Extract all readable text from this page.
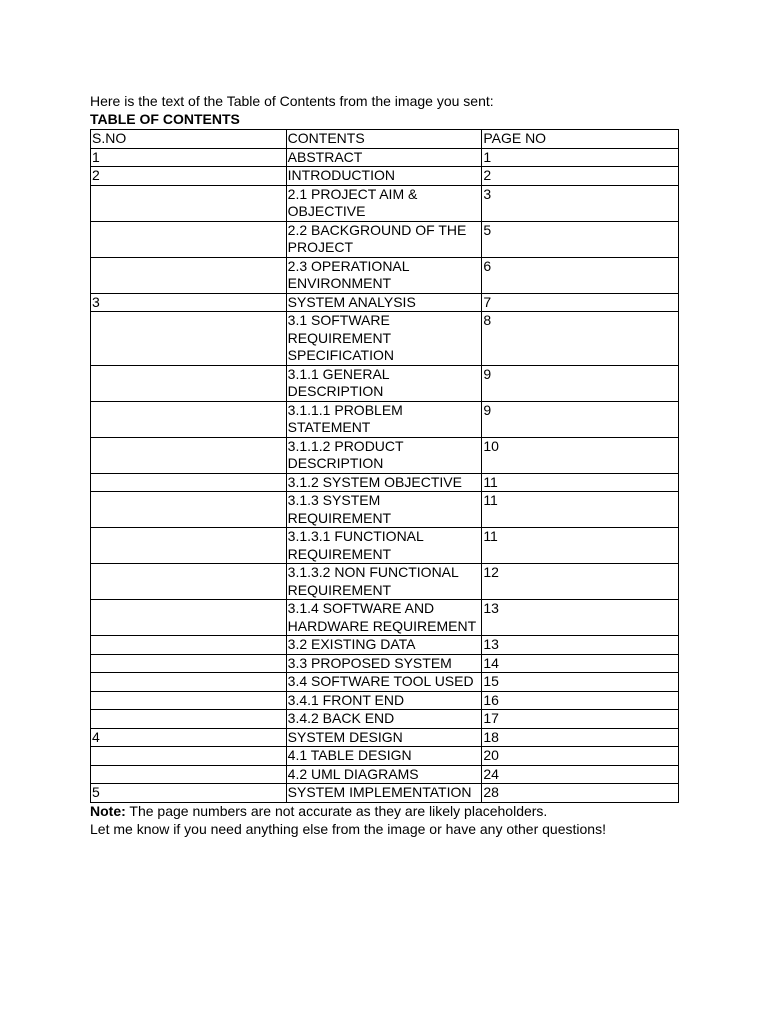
Here is the text of the Table of Contents from the image you sent:
TABLE OF CONTENTS
S.NO	CONTENTS	PAGE NO
1	ABSTRACT	1
2	INTRODUCTION	2
	2.1 PROJECT AIM & OBJECTIVE	3
	2.2 BACKGROUND OF THE PROJECT	5
	2.3 OPERATIONAL ENVIRONMENT	6
3	SYSTEM ANALYSIS	7
	3.1 SOFTWARE REQUIREMENT SPECIFICATION	8
	3.1.1 GENERAL DESCRIPTION	9
	3.1.1.1 PROBLEM STATEMENT	9
	3.1.1.2 PRODUCT DESCRIPTION	10
	3.1.2 SYSTEM OBJECTIVE	11
	3.1.3 SYSTEM REQUIREMENT	11
	3.1.3.1 FUNCTIONAL REQUIREMENT	11
	3.1.3.2 NON FUNCTIONAL REQUIREMENT	12
	3.1.4 SOFTWARE AND HARDWARE REQUIREMENT	13
	3.2 EXISTING DATA	13
	3.3 PROPOSED SYSTEM	14
	3.4 SOFTWARE TOOL USED	15
	3.4.1 FRONT END	16
	3.4.2 BACK END	17
4	SYSTEM DESIGN	18
	4.1 TABLE DESIGN	20
	4.2 UML DIAGRAMS	24
5	SYSTEM IMPLEMENTATION	28
Note: The page numbers are not accurate as they are likely placeholders.
Let me know if you need anything else from the image or have any other questions!
